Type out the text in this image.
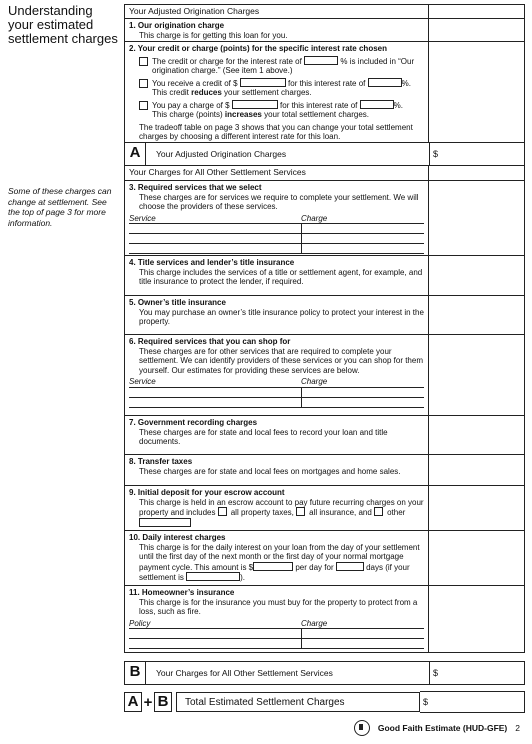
Understanding your estimated settlement charges
Some of these charges can change at settlement. See the top of page 3 for more information.
Your Adjusted Origination Charges
1. Our origination charge
This charge is for getting this loan for you.
2. Your credit or charge (points) for the specific interest rate chosen
The credit or charge for the interest rate of	% is included in “Our origination charge.” (See item 1 above.)
You receive a credit of $	for this interest rate of	%.
This credit reduces your settlement charges.
You pay a charge of $	for this interest rate of	%.
This charge (points) increases your total settlement charges.
The tradeoff table on page 3 shows that you can change your total settlement charges by choosing a different interest rate for this loan.
A	Your Adjusted Origination Charges	$
Your Charges for All Other Settlement Services
3. Required services that we select
These charges are for services we require to complete your settlement. We will choose the providers of these services.
Service	Charge
4. Title services and lender’s title insurance
This charge includes the services of a title or settlement agent, for example, and title insurance to protect the lender, if required.
5. Owner’s title insurance
You may purchase an owner’s title insurance policy to protect your interest in the property.
6. Required services that you can shop for
These charges are for other services that are required to complete your settlement. We can identify providers of these services or you can shop for them yourself. Our estimates for providing these services are below.
Service	Charge
7. Government recording charges
These charges are for state and local fees to record your loan and title documents.
8. Transfer taxes
These charges are for state and local fees on mortgages and home sales.
9. Initial deposit for your escrow account
This charge is held in an escrow account to pay future recurring charges on your property and includes all property taxes, all insurance, and other
10. Daily interest charges
This charge is for the daily interest on your loan from the day of your settlement until the first day of the next month or the first day of your normal mortgage payment cycle. This amount is $	per day for	days (if your settlement is	).
11. Homeowner’s insurance
This charge is for the insurance you must buy for the property to protect from a loss, such as fire.
Policy	Charge
B	Your Charges for All Other Settlement Services	$
A + B	Total Estimated Settlement Charges	$
Good Faith Estimate (HUD-GFE) 2
